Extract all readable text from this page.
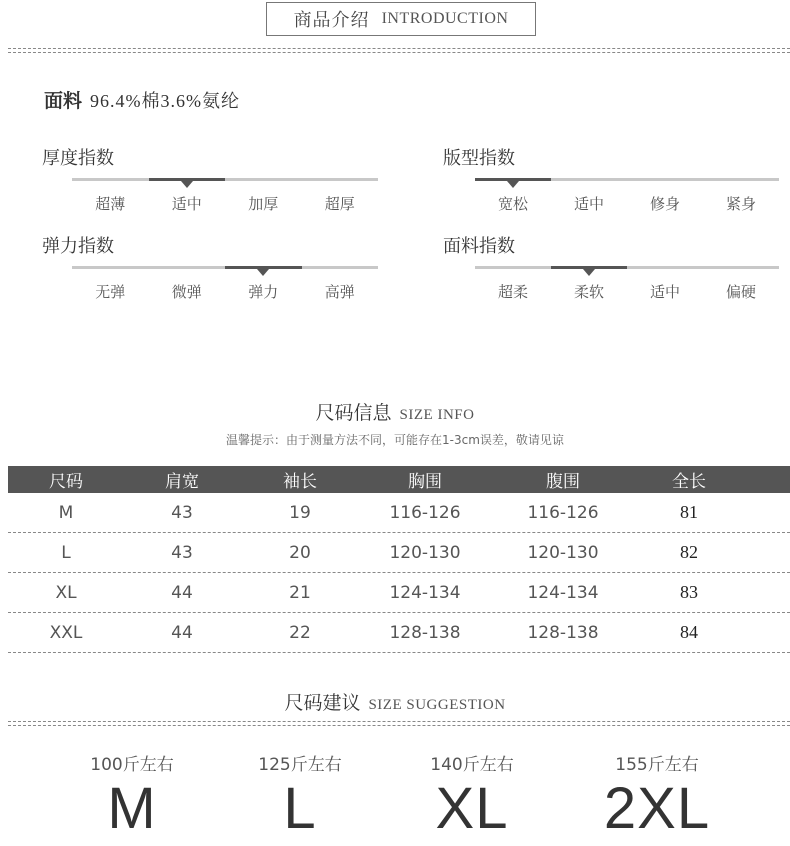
商品介绍 INTRODUCTION
面料 96.4%棉3.6%氨纶
厚度指数
超薄	适中	加厚	超厚
版型指数
宽松	适中	修身	紧身
弹力指数
无弹	微弹	弹力	高弹
面料指数
超柔	柔软	适中	偏硬
尺码信息 SIZE INFO
温馨提示：由于测量方法不同，可能存在1-3cm误差，敬请见谅
尺码	肩宽	袖长	胸围	腹围	全长
M	43	19	116-126	116-126	81
L	43	20	120-130	120-130	82
XL	44	21	124-134	124-134	83
XXL	44	22	128-138	128-138	84
尺码建议 SIZE SUGGESTION
100斤左右
M
125斤左右
L
140斤左右
XL
155斤左右
2XL
